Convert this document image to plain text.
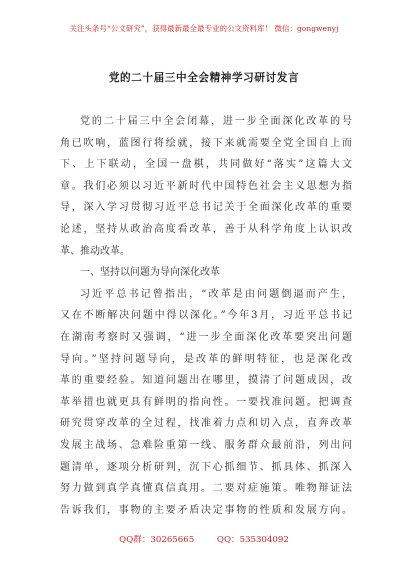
关注头条号“公文研究”，获得最新最全最专业的公文资料库！ 微信：gongwenyj
党的二十届三中全会精神学习研讨发言
党的二十届三中全会闭幕，进一步全面深化改革的号
角已吹响，蓝图行将绘就，接下来就需要全党全国自上而
下、上下联动，全国一盘棋，共同做好“落实”这篇大文
章。我们必须以习近平新时代中国特色社会主义思想为指
导，深入学习贯彻习近平总书记关于全面深化改革的重要
论述，坚持从政治高度看改革，善于从科学角度上认识改
革、推动改革。
一、坚持以问题为导向深化改革
习近平总书记曾指出，“改革是由问题倒逼而产生，
又在不断解决问题中得以深化。”今年3月，习近平总书记
在湖南考察时又强调，“进一步全面深化改革要突出问题
导向。”坚持问题导向，是改革的鲜明特征，也是深化改
革的重要经验。知道问题出在哪里，摸清了问题成因，改
革举措也就更具有鲜明的指向性。一要找准问题。把调查
研究贯穿改革的全过程，找准着力点和切入点，直奔改革
发展主战场、急难险重第一线、服务群众最前沿，列出问
题清单，逐项分析研判，沉下心抓细节、抓具体、抓深入
努力做到真学真懂真信真用。二要对症施策。唯物辩证法
告诉我们，事物的主要矛盾决定事物的性质和发展方向。
QQ群：30265665	QQ：535304092
